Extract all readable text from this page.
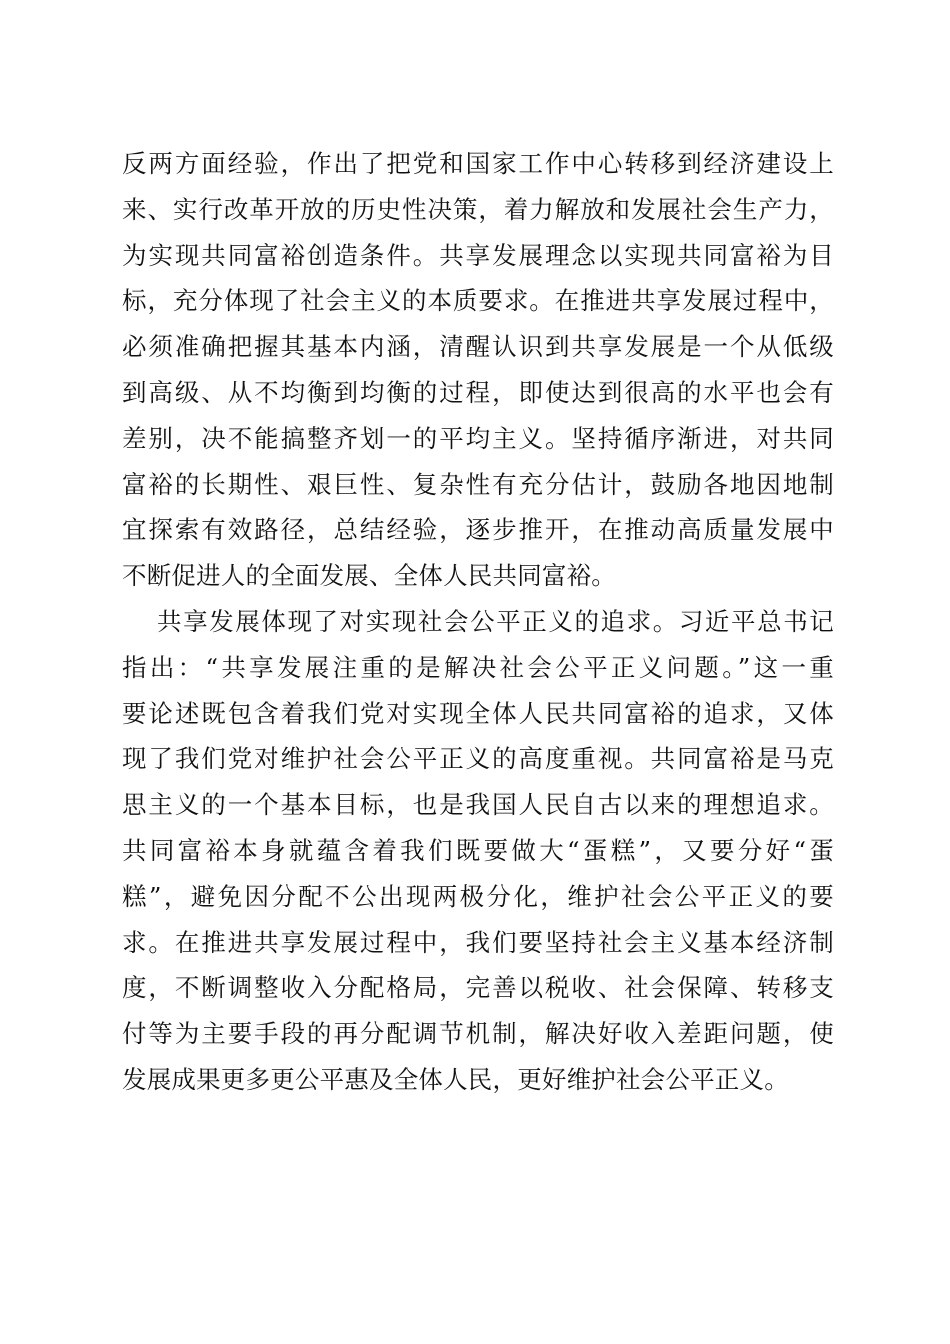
反两方面经验，作出了把党和国家工作中心转移到经济建设上
来、实行改革开放的历史性决策，着力解放和发展社会生产力，
为实现共同富裕创造条件。共享发展理念以实现共同富裕为目
标，充分体现了社会主义的本质要求。在推进共享发展过程中，
必须准确把握其基本内涵，清醒认识到共享发展是一个从低级
到高级、从不均衡到均衡的过程，即使达到很高的水平也会有
差别，决不能搞整齐划一的平均主义。坚持循序渐进，对共同
富裕的长期性、艰巨性、复杂性有充分估计，鼓励各地因地制
宜探索有效路径，总结经验，逐步推开，在推动高质量发展中
不断促进人的全面发展、全体人民共同富裕。
共享发展体现了对实现社会公平正义的追求。习近平总书记
指出：“共享发展注重的是解决社会公平正义问题。”这一重
要论述既包含着我们党对实现全体人民共同富裕的追求，又体
现了我们党对维护社会公平正义的高度重视。共同富裕是马克
思主义的一个基本目标，也是我国人民自古以来的理想追求。
共同富裕本身就蕴含着我们既要做大“蛋糕”，又要分好“蛋
糕”，避免因分配不公出现两极分化，维护社会公平正义的要
求。在推进共享发展过程中，我们要坚持社会主义基本经济制
度，不断调整收入分配格局，完善以税收、社会保障、转移支
付等为主要手段的再分配调节机制，解决好收入差距问题，使
发展成果更多更公平惠及全体人民，更好维护社会公平正义。
